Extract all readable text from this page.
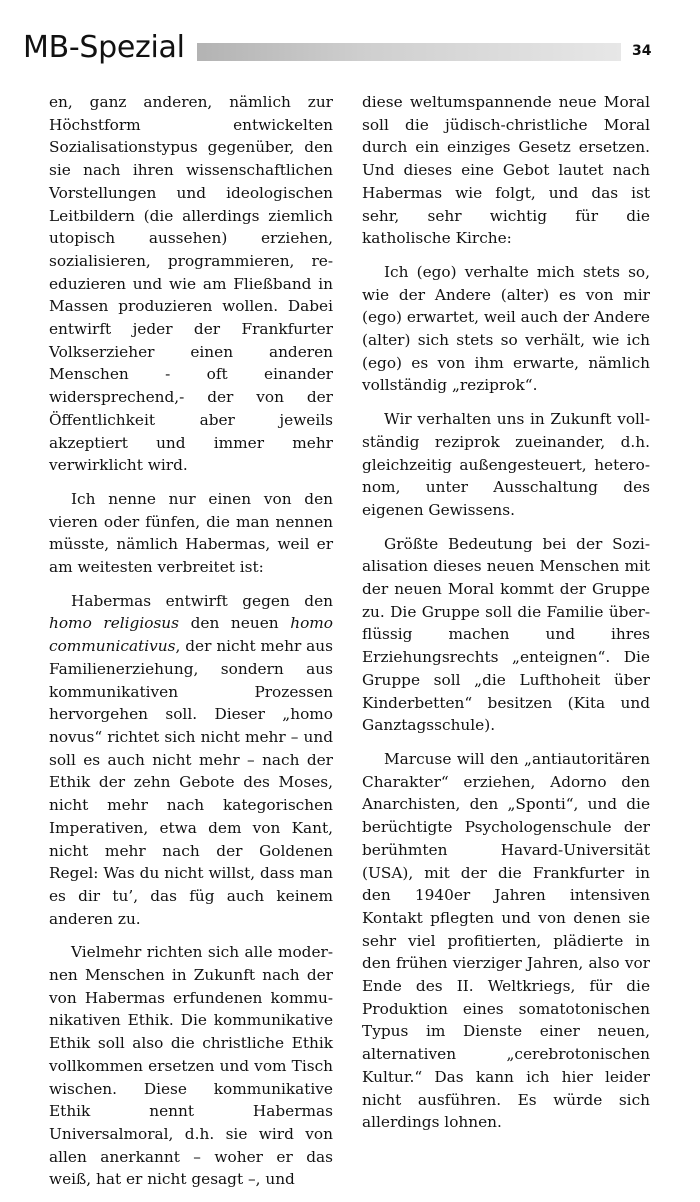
MB-Spezial	34

en, ganz anderen, nämlich zur Höchstform entwickelten Sozialisationstypus gegenüber, den sie nach ihren wissenschaftlichen Vorstellungen und ideologischen Leitbildern (die allerdings ziemlich utopisch aussehen) erziehen, sozialisieren, programmieren, re-eduzieren und wie am Fließband in Massen produzieren wollen. Dabei entwirft jeder der Frankfurter Volkserzieher einen anderen Menschen - oft einander widersprechend,- der von der Öffentlichkeit aber jeweils akzeptiert und immer mehr verwirklicht wird.

Ich nenne nur einen von den vieren oder fünfen, die man nennen müsste, nämlich Habermas, weil er am weitesten verbreitet ist:

Habermas entwirft gegen den homo religiosus den neuen homo communicativus, der nicht mehr aus Familienerziehung, sondern aus kommunikativen Prozessen hervorgehen soll. Dieser „homo novus“ richtet sich nicht mehr – und soll es auch nicht mehr – nach der Ethik der zehn Gebote des Moses, nicht mehr nach kategorischen Imperativen, etwa dem von Kant, nicht mehr nach der Goldenen Regel: Was du nicht willst, dass man es dir tu’, das füg auch keinem anderen zu.

Vielmehr richten sich alle modernen Menschen in Zukunft nach der von Habermas erfundenen kommunikativen Ethik. Die kommunikative Ethik soll also die christliche Ethik vollkommen ersetzen und vom Tisch wischen. Diese kommunikative Ethik nennt Habermas Universalmoral, d.h. sie wird von allen anerkannt – woher er das weiß, hat er nicht gesagt –, und

diese weltumspannende neue Moral soll die jüdisch-christliche Moral durch ein einziges Gesetz ersetzen. Und dieses eine Gebot lautet nach Habermas wie folgt, und das ist sehr, sehr wichtig für die katholische Kirche:

Ich (ego) verhalte mich stets so, wie der Andere (alter) es von mir (ego) erwartet, weil auch der Andere (alter) sich stets so verhält, wie ich (ego) es von ihm erwarte, nämlich vollständig „reziprok“.

Wir verhalten uns in Zukunft vollständig reziprok zueinander, d.h. gleichzeitig außengesteuert, heteronom, unter Ausschaltung des eigenen Gewissens.

Größte Bedeutung bei der Sozialisation dieses neuen Menschen mit der neuen Moral kommt der Gruppe zu. Die Gruppe soll die Familie überflüssig machen und ihres Erziehungsrechts „enteignen“. Die Gruppe soll „die Lufthoheit über Kinderbetten“ besitzen (Kita und Ganztagsschule).

Marcuse will den „antiautoritären Charakter“ erziehen, Adorno den Anarchisten, den „Sponti“, und die berüchtigte Psychologenschule der berühmten Havard-Universität (USA), mit der die Frankfurter in den 1940er Jahren intensiven Kontakt pflegten und von denen sie sehr viel profitierten, plädierte in den frühen vierziger Jahren, also vor Ende des II. Weltkriegs, für die Produktion eines somatotonischen Typus im Dienste einer neuen, alternativen „cerebrotonischen Kultur.“ Das kann ich hier leider nicht ausführen. Es würde sich allerdings lohnen.
